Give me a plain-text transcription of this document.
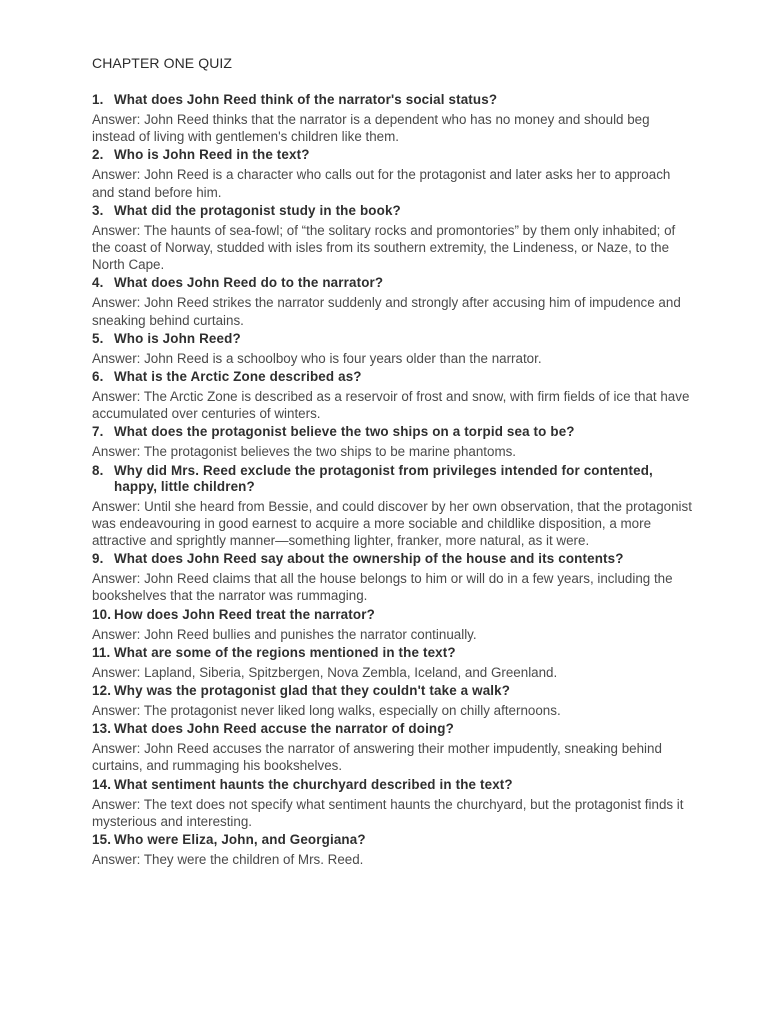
CHAPTER ONE QUIZ
1. What does John Reed think of the narrator's social status?
Answer: John Reed thinks that the narrator is a dependent who has no money and should beg instead of living with gentlemen's children like them.
2. Who is John Reed in the text?
Answer: John Reed is a character who calls out for the protagonist and later asks her to approach and stand before him.
3. What did the protagonist study in the book?
Answer: The haunts of sea-fowl; of “the solitary rocks and promontories” by them only inhabited; of the coast of Norway, studded with isles from its southern extremity, the Lindeness, or Naze, to the North Cape.
4. What does John Reed do to the narrator?
Answer: John Reed strikes the narrator suddenly and strongly after accusing him of impudence and sneaking behind curtains.
5. Who is John Reed?
Answer: John Reed is a schoolboy who is four years older than the narrator.
6. What is the Arctic Zone described as?
Answer: The Arctic Zone is described as a reservoir of frost and snow, with firm fields of ice that have accumulated over centuries of winters.
7. What does the protagonist believe the two ships on a torpid sea to be?
Answer: The protagonist believes the two ships to be marine phantoms.
8. Why did Mrs. Reed exclude the protagonist from privileges intended for contented, happy, little children?
Answer: Until she heard from Bessie, and could discover by her own observation, that the protagonist was endeavouring in good earnest to acquire a more sociable and childlike disposition, a more attractive and sprightly manner—something lighter, franker, more natural, as it were.
9. What does John Reed say about the ownership of the house and its contents?
Answer: John Reed claims that all the house belongs to him or will do in a few years, including the bookshelves that the narrator was rummaging.
10. How does John Reed treat the narrator?
Answer: John Reed bullies and punishes the narrator continually.
11. What are some of the regions mentioned in the text?
Answer: Lapland, Siberia, Spitzbergen, Nova Zembla, Iceland, and Greenland.
12. Why was the protagonist glad that they couldn't take a walk?
Answer: The protagonist never liked long walks, especially on chilly afternoons.
13. What does John Reed accuse the narrator of doing?
Answer: John Reed accuses the narrator of answering their mother impudently, sneaking behind curtains, and rummaging his bookshelves.
14. What sentiment haunts the churchyard described in the text?
Answer: The text does not specify what sentiment haunts the churchyard, but the protagonist finds it mysterious and interesting.
15. Who were Eliza, John, and Georgiana?
Answer: They were the children of Mrs. Reed.
